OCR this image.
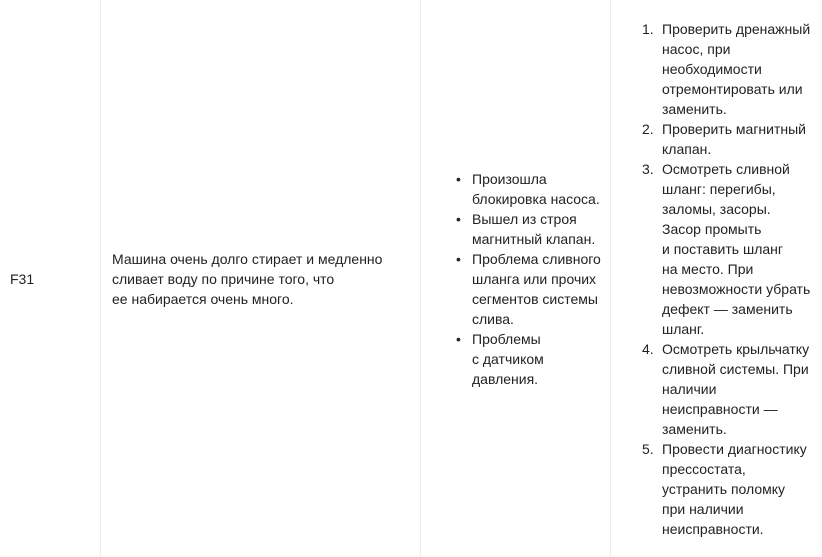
F31
Машина очень долго стирает и медленно
сливает воду по причине того, что
ее набирается очень много.
• Произошла
блокировка насоса.
• Вышел из строя
магнитный клапан.
• Проблема сливного
шланга или прочих
сегментов системы
слива.
• Проблемы
с датчиком
давления.
1. Проверить дренажный
насос, при
необходимости
отремонтировать или
заменить.
2. Проверить магнитный
клапан.
3. Осмотреть сливной
шланг: перегибы,
заломы, засоры.
Засор промыть
и поставить шланг
на место. При
невозможности убрать
дефект — заменить
шланг.
4. Осмотреть крыльчатку
сливной системы. При
наличии
неисправности —
заменить.
5. Провести диагностику
прессостата,
устранить поломку
при наличии
неисправности.
